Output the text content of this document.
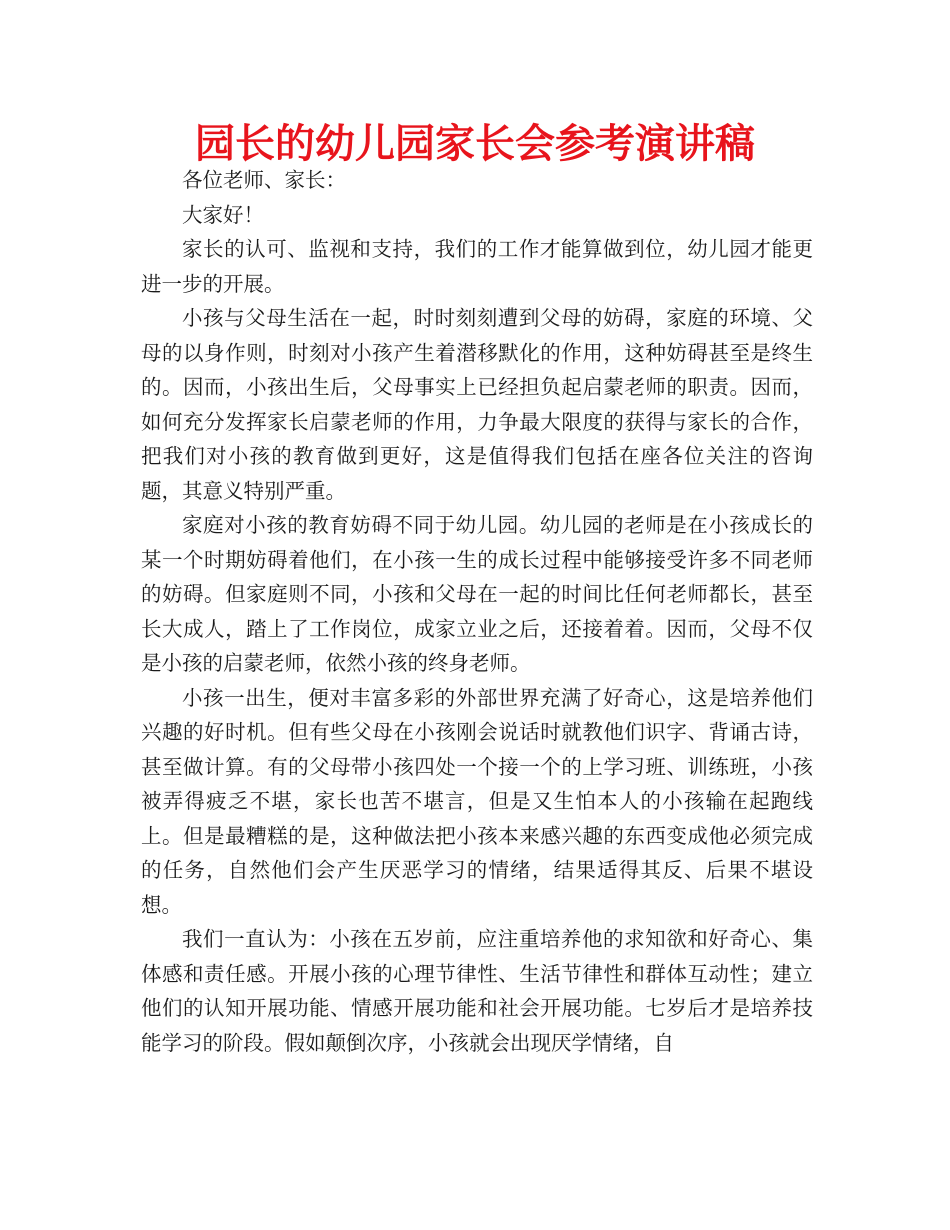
园长的幼儿园家长会参考演讲稿

各位老师、家长：

大家好！

家长的认可、监视和支持，我们的工作才能算做到位，幼儿园才能更进一步的开展。

小孩与父母生活在一起，时时刻刻遭到父母的妨碍，家庭的环境、父母的以身作则，时刻对小孩产生着潜移默化的作用，这种妨碍甚至是终生的。因而，小孩出生后，父母事实上已经担负起启蒙老师的职责。因而，如何充分发挥家长启蒙老师的作用，力争最大限度的获得与家长的合作，把我们对小孩的教育做到更好，这是值得我们包括在座各位关注的咨询题，其意义特别严重。

家庭对小孩的教育妨碍不同于幼儿园。幼儿园的老师是在小孩成长的某一个时期妨碍着他们，在小孩一生的成长过程中能够接受许多不同老师的妨碍。但家庭则不同，小孩和父母在一起的时间比任何老师都长，甚至长大成人，踏上了工作岗位，成家立业之后，还接着着。因而，父母不仅是小孩的启蒙老师，依然小孩的终身老师。

小孩一出生，便对丰富多彩的外部世界充满了好奇心，这是培养他们兴趣的好时机。但有些父母在小孩刚会说话时就教他们识字、背诵古诗，甚至做计算。有的父母带小孩四处一个接一个的上学习班、训练班，小孩被弄得疲乏不堪，家长也苦不堪言，但是又生怕本人的小孩输在起跑线上。但是最糟糕的是，这种做法把小孩本来感兴趣的东西变成他必须完成的任务，自然他们会产生厌恶学习的情绪，结果适得其反、后果不堪设想。

我们一直认为：小孩在五岁前，应注重培养他的求知欲和好奇心、集体感和责任感。开展小孩的心理节律性、生活节律性和群体互动性；建立他们的认知开展功能、情感开展功能和社会开展功能。七岁后才是培养技能学习的阶段。假如颠倒次序，小孩就会出现厌学情绪，自
